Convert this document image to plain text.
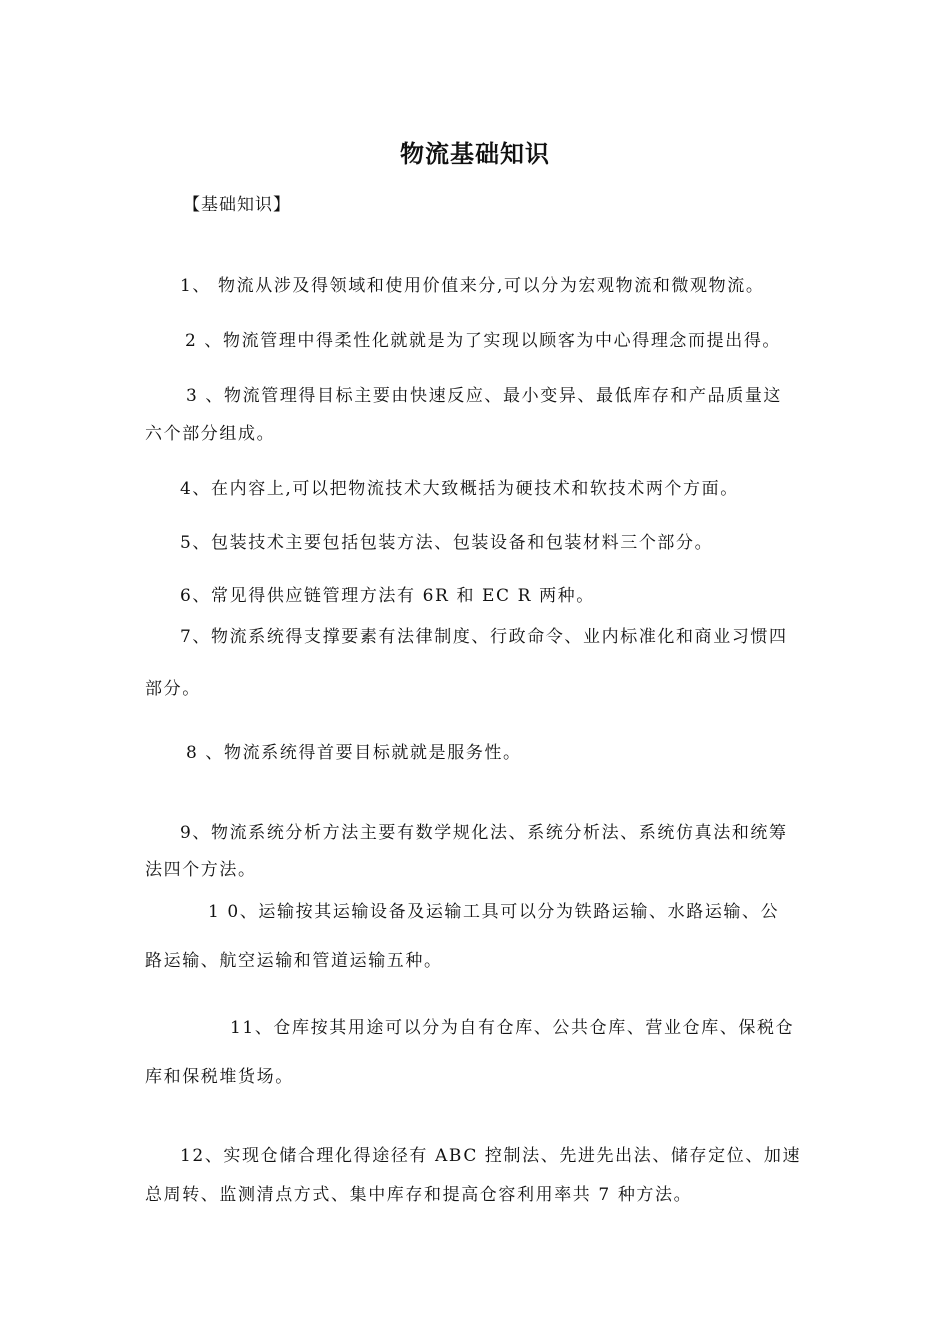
物流基础知识
【基础知识】
1、 物流从涉及得领域和使用价值来分,可以分为宏观物流和微观物流。
2 、物流管理中得柔性化就就是为了实现以顾客为中心得理念而提出得。
3 、物流管理得目标主要由快速反应、最小变异、最低库存和产品质量这
六个部分组成。
4、在内容上,可以把物流技术大致概括为硬技术和软技术两个方面。
5、包装技术主要包括包装方法、包装设备和包装材料三个部分。
6、常见得供应链管理方法有 6R 和 EC R 两种。
7、物流系统得支撑要素有法律制度、行政命令、业内标准化和商业习惯四
部分。
8 、物流系统得首要目标就就是服务性。
9、物流系统分析方法主要有数学规化法、系统分析法、系统仿真法和统筹
法四个方法。
1 0、运输按其运输设备及运输工具可以分为铁路运输、水路运输、公
路运输、航空运输和管道运输五种。
11、仓库按其用途可以分为自有仓库、公共仓库、营业仓库、保税仓
库和保税堆货场。
12、实现仓储合理化得途径有 ABC 控制法、先进先出法、储存定位、加速
总周转、监测清点方式、集中库存和提高仓容利用率共 7 种方法。
